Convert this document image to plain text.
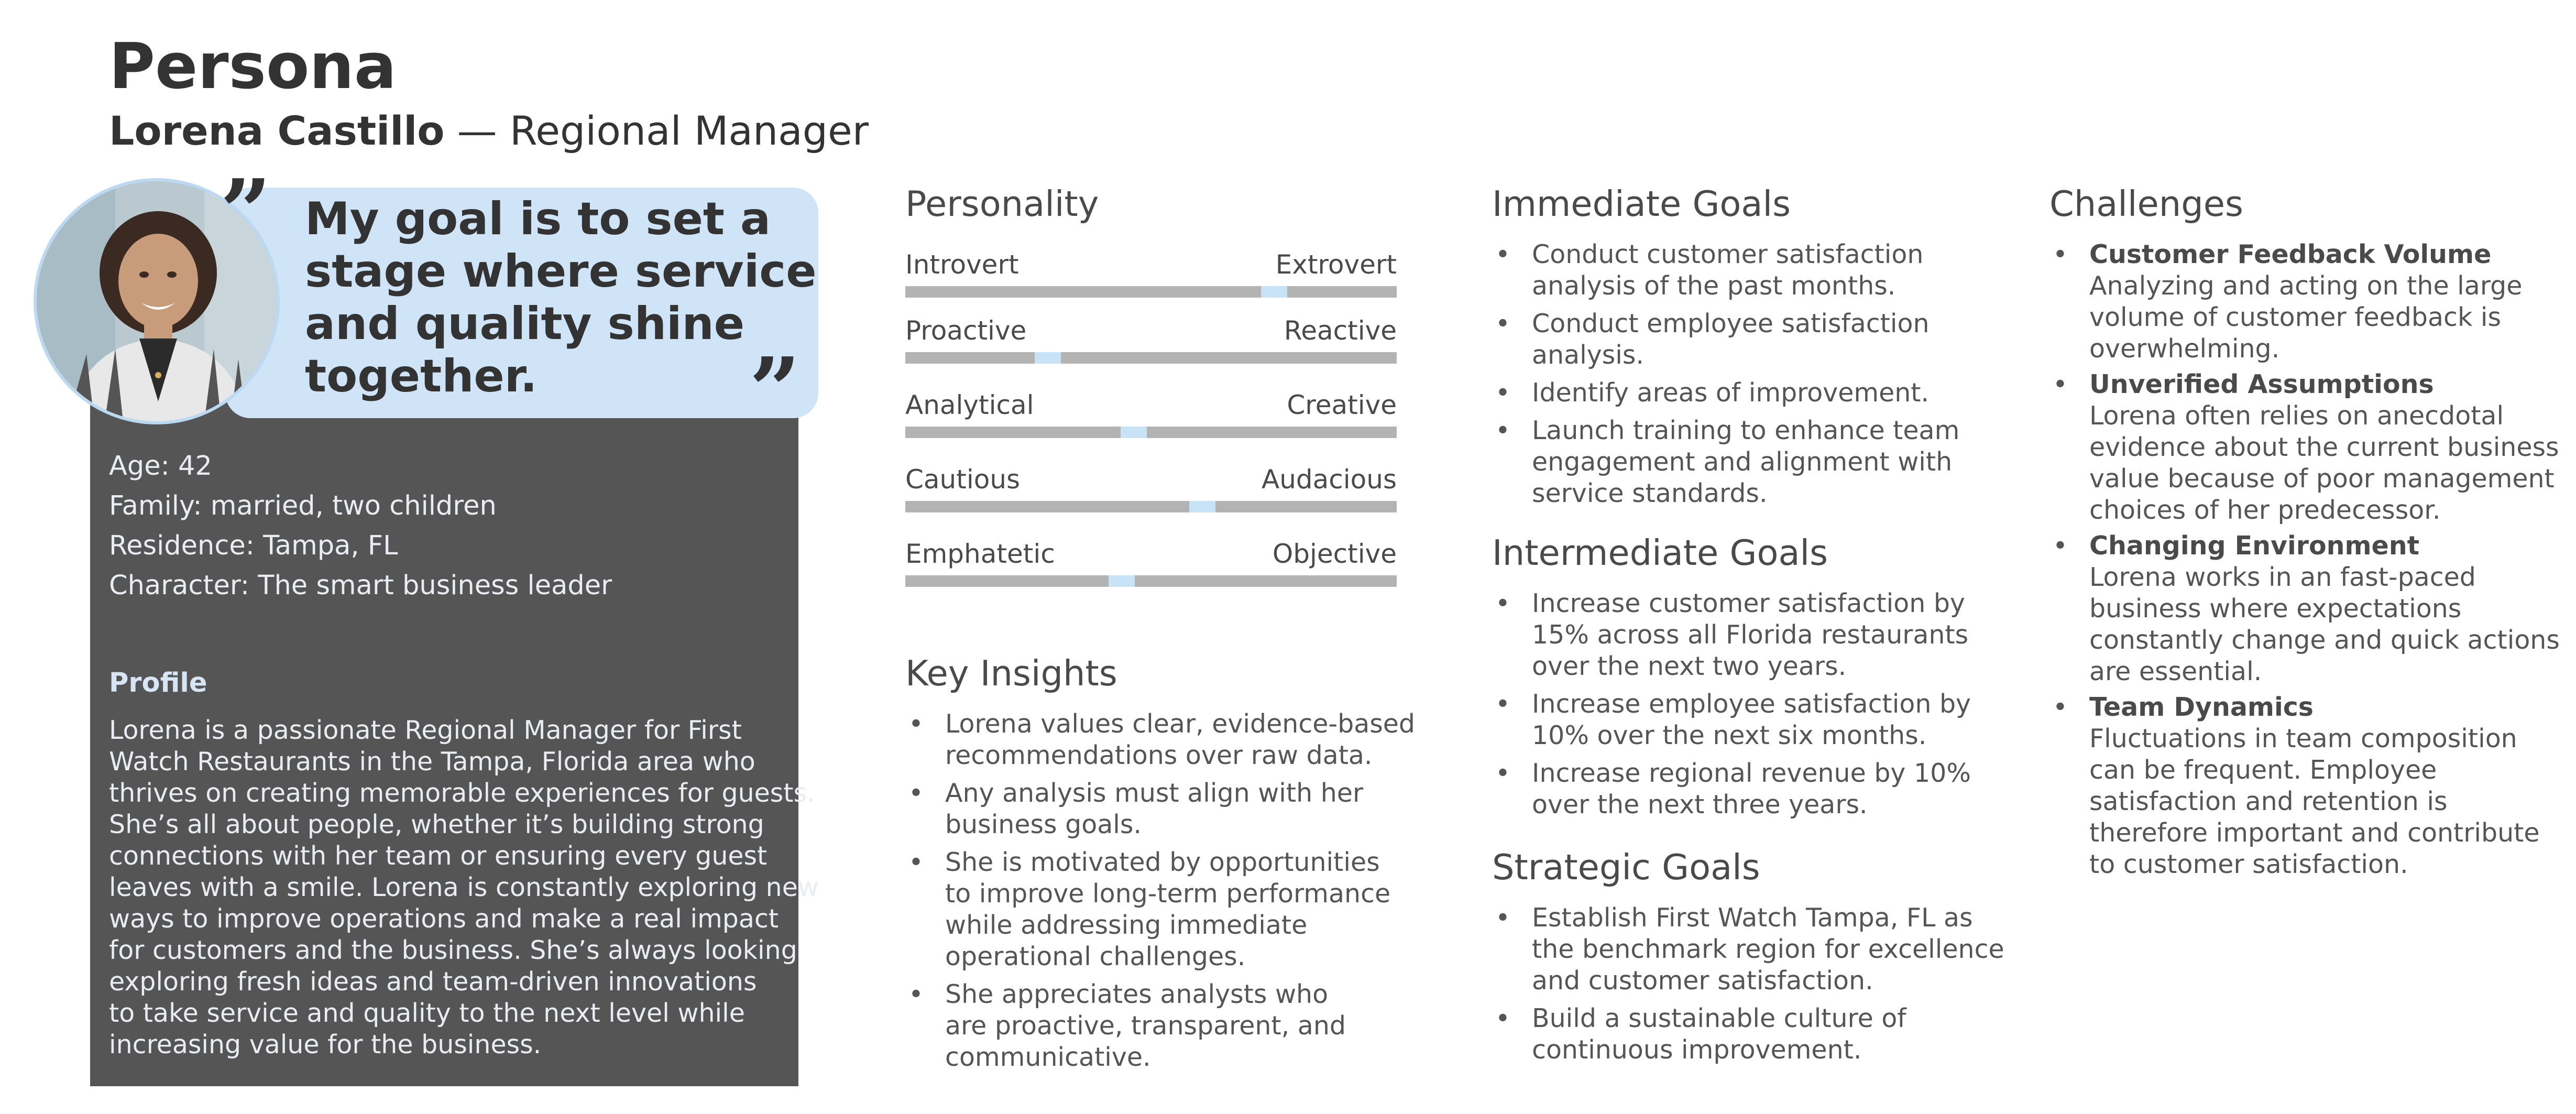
Persona
Lorena Castillo — Regional Manager
”
”
My goal is to set a
stage where service
and quality shine
together.
Age: 42
Family: married, two children
Residence: Tampa, FL
Character: The smart business leader
Profile
Lorena is a passionate Regional Manager for First
Watch Restaurants in the Tampa, Florida area who
thrives on creating memorable experiences for guests.
She’s all about people, whether it’s building strong
connections with her team or ensuring every guest
leaves with a smile. Lorena is constantly exploring new
ways to improve operations and make a real impact
for customers and the business. She’s always looking
exploring fresh ideas and team-driven innovations
to take service and quality to the next level while
increasing value for the business.
Personality
Introvert	Extrovert
Proactive	Reactive
Analytical	Creative
Cautious	Audacious
Emphatetic	Objective
Key Insights
• Lorena values clear, evidence-based
recommendations over raw data.
• Any analysis must align with her
business goals.
• She is motivated by opportunities
to improve long-term performance
while addressing immediate
operational challenges.
• She appreciates analysts who
are proactive, transparent, and
communicative.
Immediate Goals
• Conduct customer satisfaction
analysis of the past months.
• Conduct employee satisfaction
analysis.
• Identify areas of improvement.
• Launch training to enhance team
engagement and alignment with
service standards.
Intermediate Goals
• Increase customer satisfaction by
15% across all Florida restaurants
over the next two years.
• Increase employee satisfaction by
10% over the next six months.
• Increase regional revenue by 10%
over the next three years.
Strategic Goals
• Establish First Watch Tampa, FL as
the benchmark region for excellence
and customer satisfaction.
• Build a sustainable culture of
continuous improvement.
Challenges
• Customer Feedback Volume
Analyzing and acting on the large
volume of customer feedback is
overwhelming.
• Unverified Assumptions
Lorena often relies on anecdotal
evidence about the current business
value because of poor management
choices of her predecessor.
• Changing Environment
Lorena works in an fast-paced
business where expectations
constantly change and quick actions
are essential.
• Team Dynamics
Fluctuations in team composition
can be frequent. Employee
satisfaction and retention is
therefore important and contribute
to customer satisfaction.
